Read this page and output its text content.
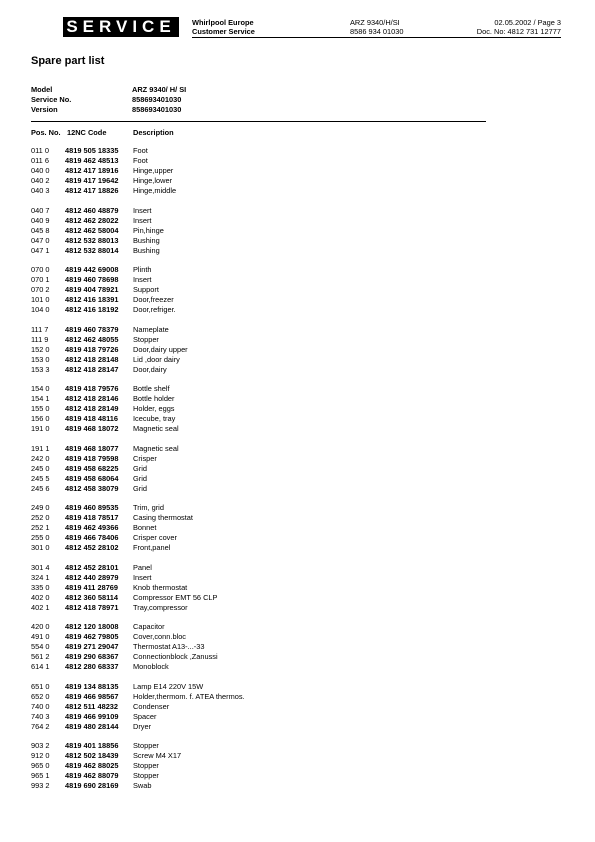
SERVICE	Whirlpool Europe
Customer Service
ARZ 9340/H/SI
8586 934 01030
02.05.2002 / Page 3
Doc. No: 4812 731 12777
Spare part list
Model	ARZ 9340/ H/ SI
Service No.	858693401030
Version	858693401030
Pos. No. 12NC Code	Description
011 0	4819 505 18335	Foot
011 6	4819 462 48513	Foot
040 0	4812 417 18916	Hinge,upper
040 2	4819 417 19642	Hinge,lower
040 3	4812 417 18826	Hinge,middle
040 7	4812 460 48879	Insert
040 9	4812 462 28022	Insert
045 8	4812 462 58004	Pin,hinge
047 0	4812 532 88013	Bushing
047 1	4812 532 88014	Bushing
070 0	4819 442 69008	Plinth
070 1	4819 460 78698	Insert
070 2	4819 404 78921	Support
101 0	4812 416 18391	Door,freezer
104 0	4812 416 18192	Door,refriger.
111 7	4819 460 78379	Nameplate
111 9	4812 462 48055	Stopper
152 0	4819 418 79726	Door,dairy upper
153 0	4812 418 28148	Lid ,door dairy
153 3	4812 418 28147	Door,dairy
154 0	4819 418 79576	Bottle shelf
154 1	4812 418 28146	Bottle holder
155 0	4812 418 28149	Holder, eggs
156 0	4819 418 48116	Icecube, tray
191 0	4819 468 18072	Magnetic seal
191 1	4819 468 18077	Magnetic seal
242 0	4819 418 79598	Crisper
245 0	4819 458 68225	Grid
245 5	4819 458 68064	Grid
245 6	4812 458 38079	Grid
249 0	4819 460 89535	Trim, grid
252 0	4819 418 78517	Casing thermostat
252 1	4819 462 49366	Bonnet
255 0	4819 466 78406	Crisper cover
301 0	4812 452 28102	Front,panel
301 4	4812 452 28101	Panel
324 1	4812 440 28979	Insert
335 0	4819 411 28769	Knob thermostat
402 0	4812 360 58114	Compressor EMT 56 CLP
402 1	4812 418 78971	Tray,compressor
420 0	4812 120 18008	Capacitor
491 0	4819 462 79805	Cover,conn.bloc
554 0	4819 271 29047	Thermostat A13-...-33
561 2	4819 290 68367	Connectionblock ,Zanussi
614 1	4812 280 68337	Monoblock
651 0	4819 134 88135	Lamp E14 220V 15W
652 0	4819 466 98567	Holder,thermom. f. ATEA thermos.
740 0	4812 511 48232	Condenser
740 3	4819 466 99109	Spacer
764 2	4819 480 28144	Dryer
903 2	4819 401 18856	Stopper
912 0	4812 502 18439	Screw M4 X17
965 0	4819 462 88025	Stopper
965 1	4819 462 88079	Stopper
993 2	4819 690 28169	Swab
